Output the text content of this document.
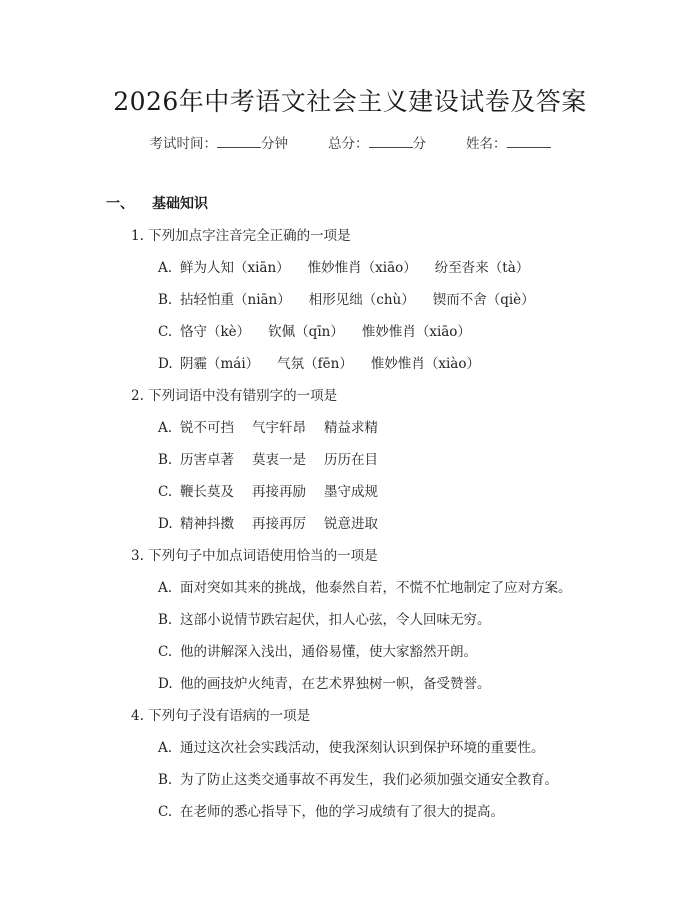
2026年中考语文社会主义建设试卷及答案
考试时间：	分钟	总分：	分	姓名：
一、 基础知识
1. 下列加点字注音完全正确的一项是
A. 鲜为人知（xiān） 惟妙惟肖（xiāo） 纷至沓来（tà）
B. 拈轻怕重（niān） 相形见绌（chù） 锲而不舍（qiè）
C. 恪守（kè） 钦佩（qīn） 惟妙惟肖（xiāo）
D. 阴霾（mái） 气氛（fēn） 惟妙惟肖（xiào）
2. 下列词语中没有错别字的一项是
A. 锐不可挡 气宇轩昂 精益求精
B. 历害卓著 莫衷一是 历历在目
C. 鞭长莫及 再接再励 墨守成规
D. 精神抖擞 再接再厉 锐意进取
3. 下列句子中加点词语使用恰当的一项是
A. 面对突如其来的挑战，他泰然自若，不慌不忙地制定了应对方案。
B. 这部小说情节跌宕起伏，扣人心弦，令人回味无穷。
C. 他的讲解深入浅出，通俗易懂，使大家豁然开朗。
D. 他的画技炉火纯青，在艺术界独树一帜，备受赞誉。
4. 下列句子没有语病的一项是
A. 通过这次社会实践活动，使我深刻认识到保护环境的重要性。
B. 为了防止这类交通事故不再发生，我们必须加强交通安全教育。
C. 在老师的悉心指导下，他的学习成绩有了很大的提高。
